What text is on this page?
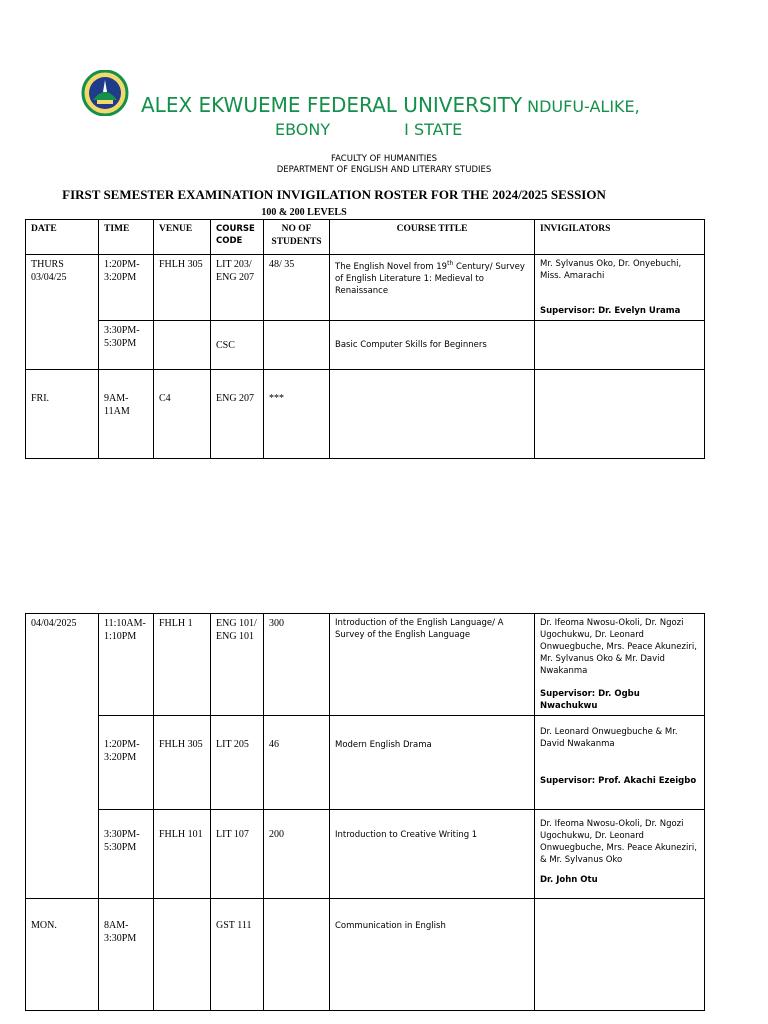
ALEX EKWUEME FEDERAL UNIVERSITY NDUFU-ALIKE,
EBONY	I STATE
FACULTY OF HUMANITIES
DEPARTMENT OF ENGLISH AND LITERARY STUDIES
FIRST SEMESTER EXAMINATION INVIGILATION ROSTER FOR THE 2024/2025 SESSION
100 & 200 LEVELS
DATE	TIME	VENUE	COURSE CODE	NO OF STUDENTS	COURSE TITLE	INVIGILATORS
THURS 03/04/25	1:20PM-3:20PM	FHLH 305	LIT 203/ ENG 207	48/ 35	The English Novel from 19th Century/ Survey of English Literature 1: Medieval to Renaissance	Mr. Sylvanus Oko, Dr. Onyebuchi, Miss. Amarachi
Supervisor: Dr. Evelyn Urama

	3:30PM-5:30PM		CSC		Basic Computer Skills for Beginners	
FRI.	9AM-11AM	C4	ENG 207	***		
04/04/2025	11:10AM-1:10PM	FHLH 1	ENG 101/ ENG 101	300	Introduction of the English Language/ A Survey of the English Language	Dr. Ifeoma Nwosu-Okoli, Dr. Ngozi Ugochukwu, Dr. Leonard Onwuegbuche, Mrs. Peace Akuneziri, Mr. Sylvanus Oko & Mr. David Nwakanma
Supervisor: Dr. Ogbu Nwachukwu

	1:20PM-3:20PM	FHLH 305	LIT 205	46	Modern English Drama	Dr. Leonard Onwuegbuche & Mr. David Nwakanma
Supervisor: Prof. Akachi Ezeigbo

	3:30PM-5:30PM	FHLH 101	LIT 107	200	Introduction to Creative Writing 1	Dr. Ifeoma Nwosu-Okoli, Dr. Ngozi Ugochukwu, Dr. Leonard Onwuegbuche, Mrs. Peace Akuneziri, & Mr. Sylvanus Oko
Dr. John Otu

MON.	8AM-3:30PM		GST 111		Communication in English	
